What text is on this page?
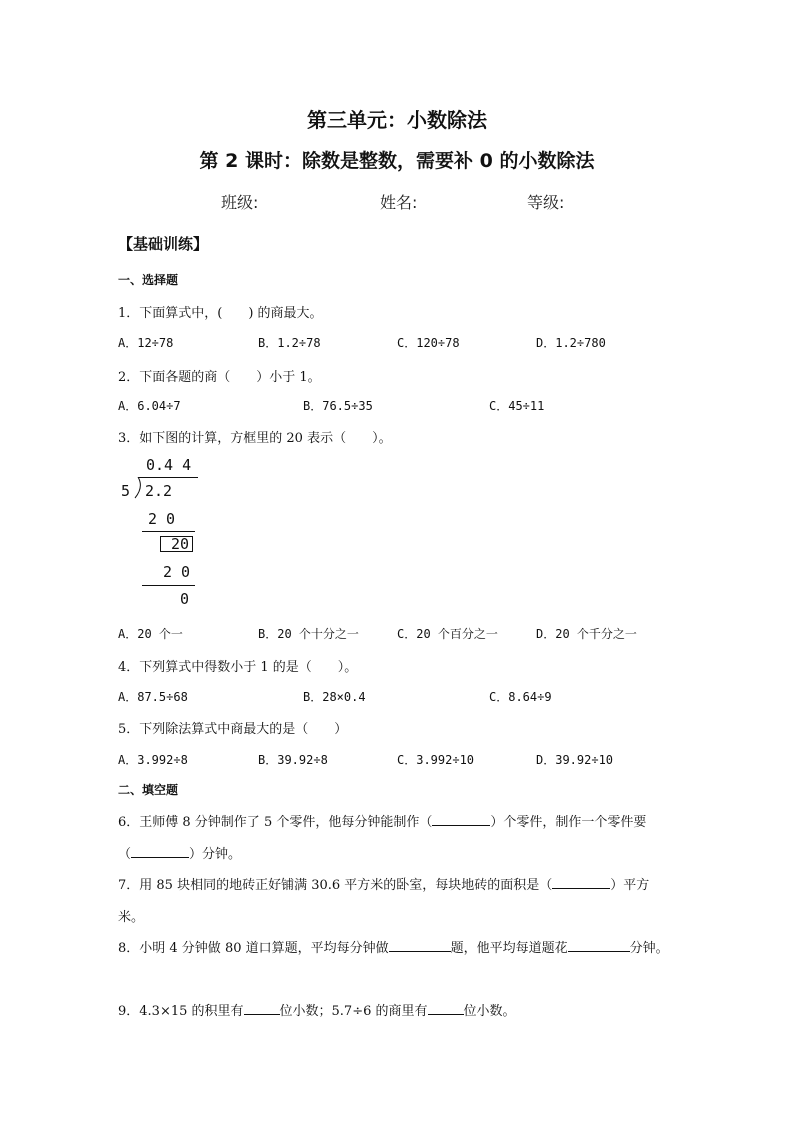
第三单元：小数除法
第 2 课时：除数是整数，需要补 0 的小数除法
班级:	姓名:	等级:
【基础训练】
一、选择题
1．下面算式中，(　　) 的商最大。
A．12÷78	B．1.2÷78	C．120÷78	D．1.2÷780
2．下面各题的商（　　）小于 1。
A．6.04÷7	B．76.5÷35	C．45÷11
3．如下图的计算，方框里的 20 表示（　　）。
0.4 4
5 2.2
2 0
20
2 0
0
A．20 个一	B．20 个十分之一	C．20 个百分之一	D．20 个千分之一
4．下列算式中得数小于 1 的是（　　）。
A．87.5÷68	B．28×0.4	C．8.64÷9
5．下列除法算式中商最大的是（　　）
A．3.992÷8	B．39.92÷8	C．3.992÷10	D．39.92÷10
二、填空题
6．王师傅 8 分钟制作了 5 个零件，他每分钟能制作（	）个零件，制作一个零件要
（	）分钟。
7．用 85 块相同的地砖正好铺满 30.6 平方米的卧室，每块地砖的面积是（	）平方
米。
8．小明 4 分钟做 80 道口算题，平均每分钟做	题，他平均每道题花	分钟。
9．4.3×15 的积里有	位小数；5.7÷6 的商里有	位小数。
